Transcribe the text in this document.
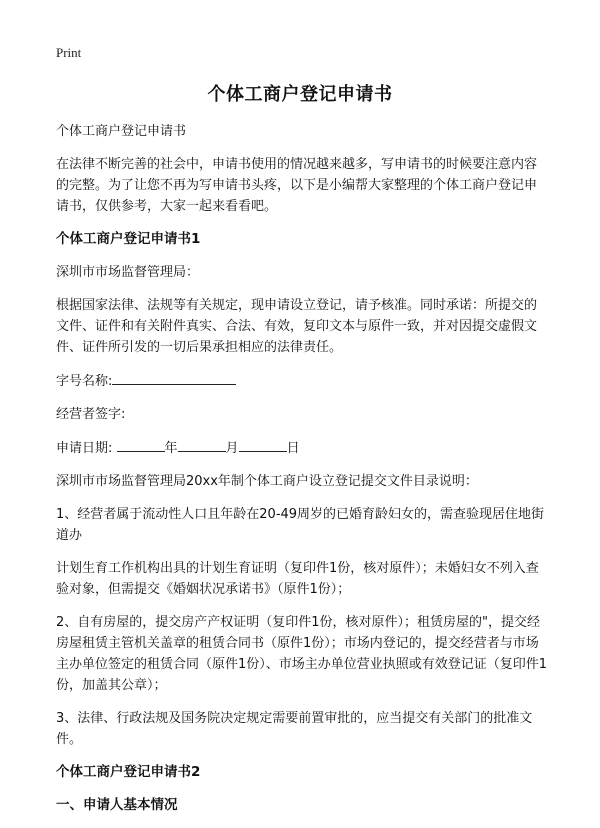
Print
个体工商户登记申请书

个体工商户登记申请书

在法律不断完善的社会中，申请书使用的情况越来越多，写申请书的时候要注意内容的完整。为了让您不再为写申请书头疼，以下是小编帮大家整理的个体工商户登记申请书，仅供参考，大家一起来看看吧。

个体工商户登记申请书1

深圳市市场监督管理局：

根据国家法律、法规等有关规定，现申请设立登记，请予核准。同时承诺：所提交的文件、证件和有关附件真实、合法、有效，复印文本与原件一致，并对因提交虚假文件、证件所引发的一切后果承担相应的法律责任。

字号名称:

经营者签字:

申请日期:	年	月	日

深圳市市场监督管理局20xx年制个体工商户设立登记提交文件目录说明：

1、经营者属于流动性人口且年龄在20-49周岁的已婚育龄妇女的，需查验现居住地街道办

计划生育工作机构出具的计划生育证明（复印件1份，核对原件）；未婚妇女不列入查验对象，但需提交《婚姻状况承诺书》（原件1份）；

2、自有房屋的，提交房产产权证明（复印件1份，核对原件）；租赁房屋的"，提交经房屋租赁主管机关盖章的租赁合同书（原件1份）；市场内登记的，提交经营者与市场主办单位签定的租赁合同（原件1份）、市场主办单位营业执照或有效登记证（复印件1份，加盖其公章）；

3、法律、行政法规及国务院决定规定需要前置审批的，应当提交有关部门的批准文件。

个体工商户登记申请书2

一、申请人基本情况
